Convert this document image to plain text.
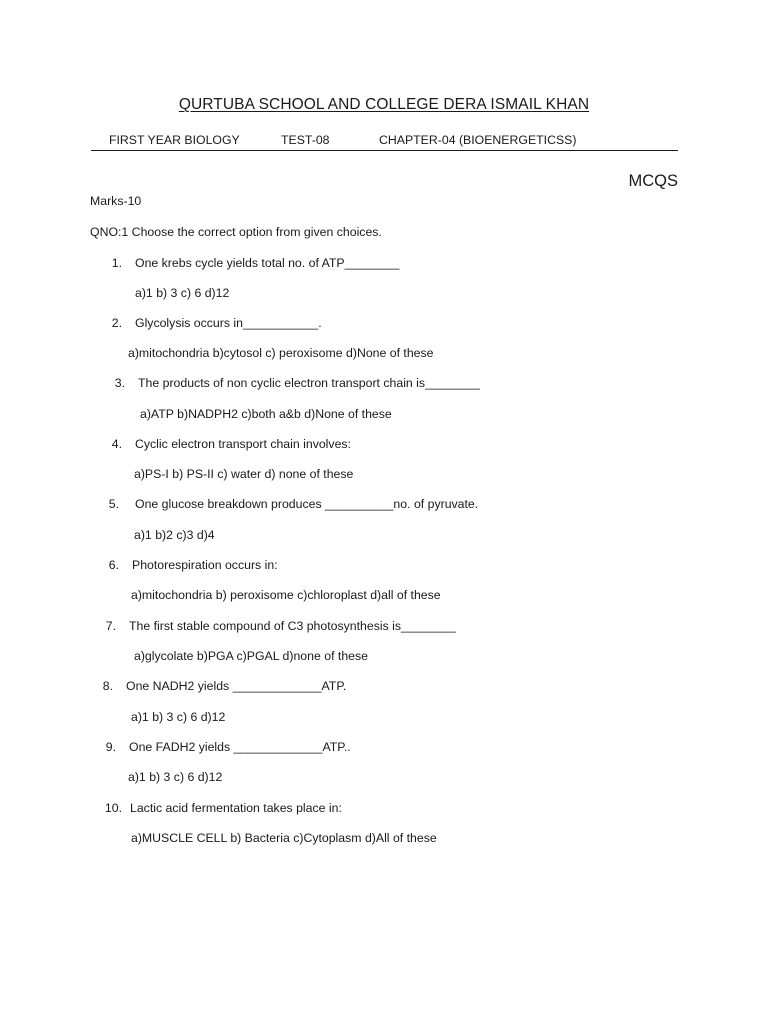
QURTUBA SCHOOL AND COLLEGE DERA ISMAIL KHAN
FIRST YEAR BIOLOGY	TEST-08	CHAPTER-04 (BIOENERGETICSS)
MCQS
Marks-10
QNO:1 Choose the correct option from given choices.
1. One krebs cycle yields total no. of ATP________
a)1 b) 3 c) 6 d)12
2. Glycolysis occurs in___________.
a)mitochondria b)cytosol c) peroxisome d)None of these
3. The products of non cyclic electron transport chain is________
a)ATP b)NADPH2 c)both a&b d)None of these
4. Cyclic electron transport chain involves:
a)PS-I b) PS-II c) water d) none of these
5. One glucose breakdown produces __________no. of pyruvate.
a)1 b)2 c)3 d)4
6. Photorespiration occurs in:
a)mitochondria b) peroxisome c)chloroplast d)all of these
7. The first stable compound of C3 photosynthesis is________
a)glycolate b)PGA c)PGAL d)none of these
8. One NADH2 yields _____________ATP.
a)1 b) 3 c) 6 d)12
9. One FADH2 yields _____________ATP..
a)1 b) 3 c) 6 d)12
10. Lactic acid fermentation takes place in:
a)MUSCLE CELL b) Bacteria c)Cytoplasm d)All of these
